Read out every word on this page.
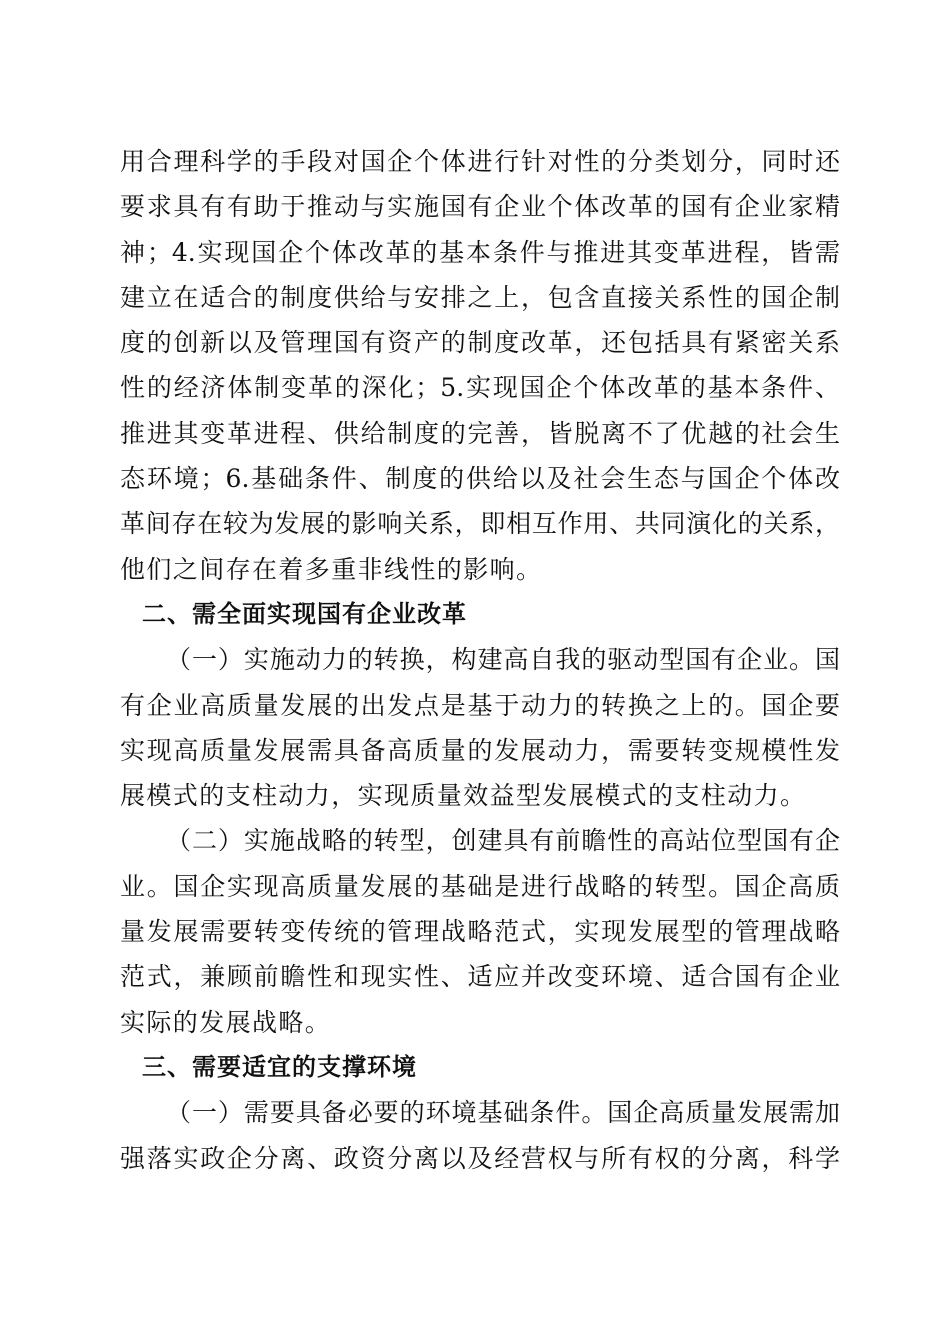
用合理科学的手段对国企个体进行针对性的分类划分，同时还
要求具有有助于推动与实施国有企业个体改革的国有企业家精
神；4.实现国企个体改革的基本条件与推进其变革进程，皆需
建立在适合的制度供给与安排之上，包含直接关系性的国企制
度的创新以及管理国有资产的制度改革，还包括具有紧密关系
性的经济体制变革的深化；5.实现国企个体改革的基本条件、
推进其变革进程、供给制度的完善，皆脱离不了优越的社会生
态环境；6.基础条件、制度的供给以及社会生态与国企个体改
革间存在较为发展的影响关系，即相互作用、共同演化的关系，
他们之间存在着多重非线性的影响。
二、需全面实现国有企业改革
（一）实施动力的转换，构建高自我的驱动型国有企业。国
有企业高质量发展的出发点是基于动力的转换之上的。国企要
实现高质量发展需具备高质量的发展动力，需要转变规模性发
展模式的支柱动力，实现质量效益型发展模式的支柱动力。
（二）实施战略的转型，创建具有前瞻性的高站位型国有企
业。国企实现高质量发展的基础是进行战略的转型。国企高质
量发展需要转变传统的管理战略范式，实现发展型的管理战略
范式，兼顾前瞻性和现实性、适应并改变环境、适合国有企业
实际的发展战略。
三、需要适宜的支撑环境
（一）需要具备必要的环境基础条件。国企高质量发展需加
强落实政企分离、政资分离以及经营权与所有权的分离，科学
